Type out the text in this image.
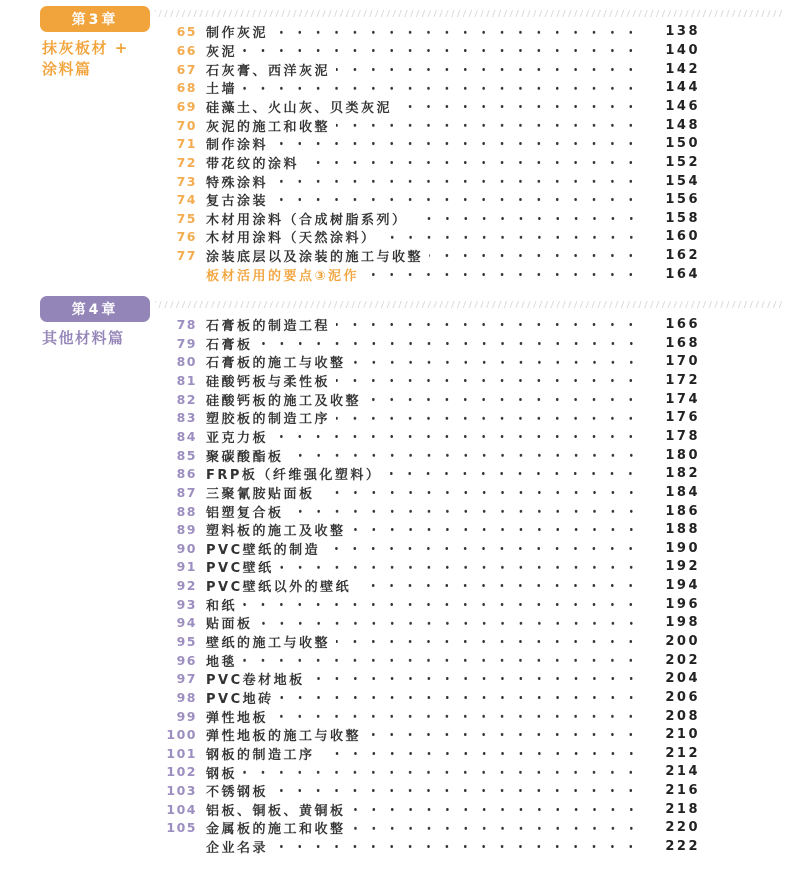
第3章
抹灰板材 +
涂料篇
65 制作灰泥	138
66 灰泥	140
67 石灰膏、西洋灰泥	142
68 土墙	144
69 硅藻土、火山灰、贝类灰泥	146
70 灰泥的施工和收整	148
71 制作涂料	150
72 带花纹的涂料	152
73 特殊涂料	154
74 复古涂装	156
75 木材用涂料（合成树脂系列）	158
76 木材用涂料（天然涂料）	160
77 涂装底层以及涂装的施工与收整	162
板材活用的要点③泥作	164
第4章
其他材料篇
78 石膏板的制造工程	166
79 石膏板	168
80 石膏板的施工与收整	170
81 硅酸钙板与柔性板	172
82 硅酸钙板的施工及收整	174
83 塑胶板的制造工序	176
84 亚克力板	178
85 聚碳酸酯板	180
86 FRP板（纤维强化塑料）	182
87 三聚氰胺贴面板	184
88 铝塑复合板	186
89 塑料板的施工及收整	188
90 PVC壁纸的制造	190
91 PVC壁纸	192
92 PVC壁纸以外的壁纸	194
93 和纸	196
94 贴面板	198
95 壁纸的施工与收整	200
96 地毯	202
97 PVC卷材地板	204
98 PVC地砖	206
99 弹性地板	208
100 弹性地板的施工与收整	210
101 钢板的制造工序	212
102 钢板	214
103 不锈钢板	216
104 铝板、铜板、黄铜板	218
105 金属板的施工和收整	220
企业名录	222
